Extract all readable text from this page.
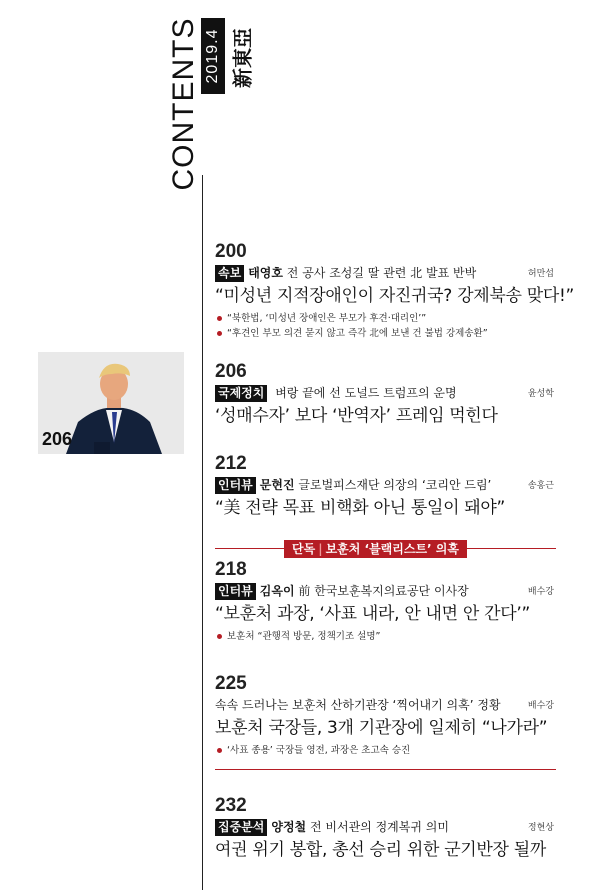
CONTENTS 2019.4 新東亞
206
200
속보 태영호 전 공사 조성길 딸 관련 北 발표 반박	허만섭
“미성년 지적장애인이 자진귀국? 강제북송 맞다!”
“북한법, ‘미성년 장애인은 부모가 후견·대리인’”
“후견인 부모 의견 묻지 않고 즉각 北에 보낸 건 불법 강제송환”
206
국제정치 벼랑 끝에 선 도널드 트럼프의 운명	윤성학
‘성매수자’ 보다 ‘반역자’ 프레임 먹힌다
212
인터뷰 문현진 글로벌피스재단 의장의 ‘코리안 드림’	송홍근
“美 전략 목표 비핵화 아닌 통일이 돼야”
단독 | 보훈처 ‘블랙리스트’ 의혹
218
인터뷰 김옥이 前 한국보훈복지의료공단 이사장	배수강
“보훈처 과장, ‘사표 내라, 안 내면 안 간다’”
보훈처 “관행적 방문, 정책기조 설명”
225
속속 드러나는 보훈처 산하기관장 ‘찍어내기 의혹’ 정황	배수강
보훈처 국장들, 3개 기관장에 일제히 “나가라”
‘사표 종용’ 국장들 영전, 과장은 초고속 승진
232
집중분석 양정철 전 비서관의 정계복귀 의미	정현상
여권 위기 봉합, 총선 승리 위한 군기반장 될까
